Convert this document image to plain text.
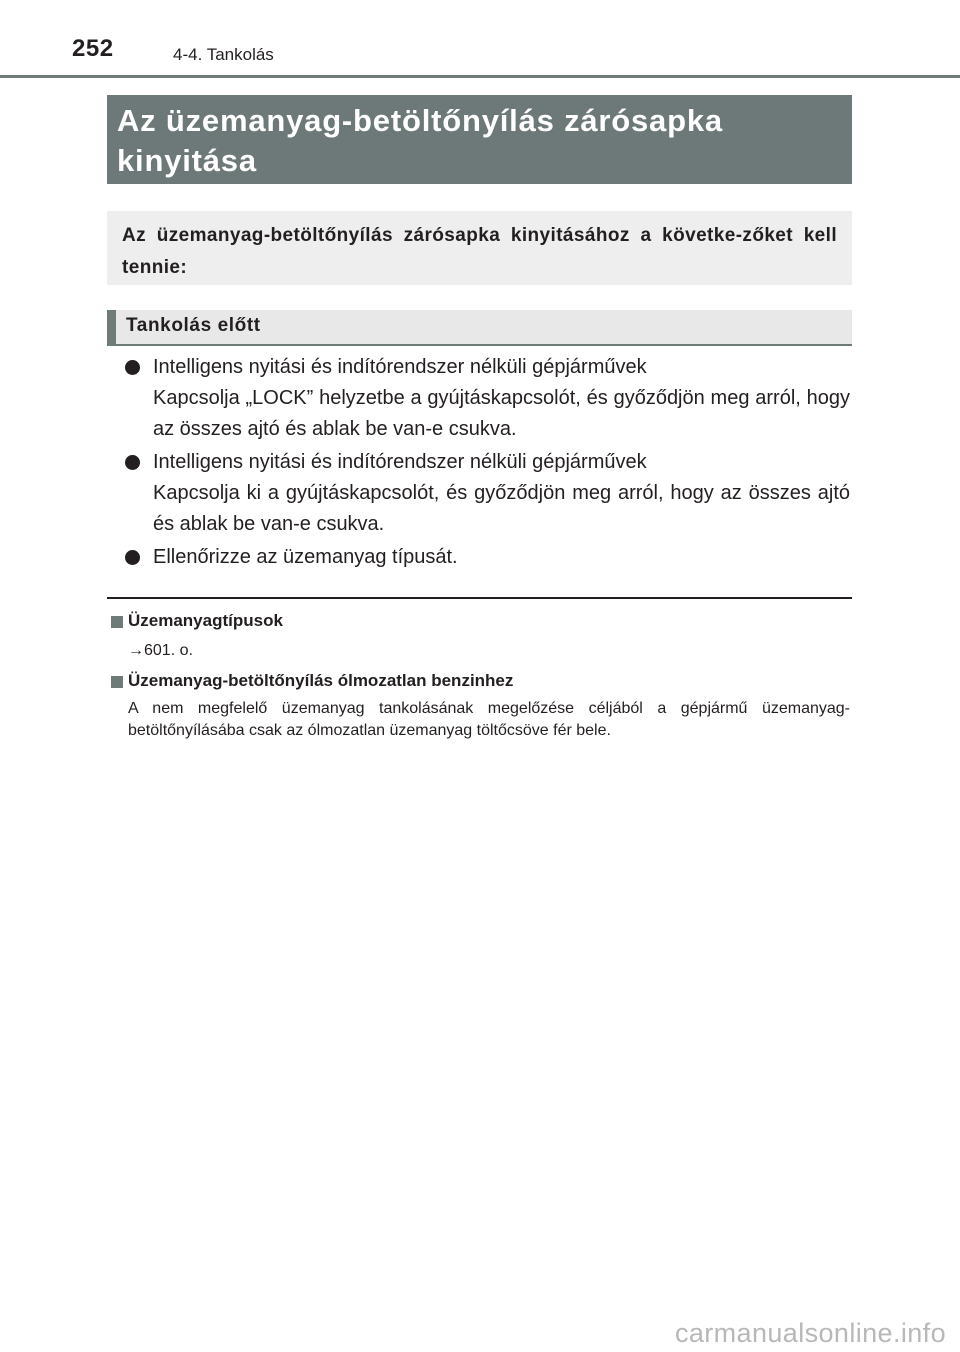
252	4-4. Tankolás
Az üzemanyag-betöltőnyílás zárósapka kinyitása
Az üzemanyag-betöltőnyílás zárósapka kinyitásához a követke-zőket kell tennie:
Tankolás előtt
Intelligens nyitási és indítórendszer nélküli gépjárművek
Kapcsolja „LOCK” helyzetbe a gyújtáskapcsolót, és győződjön meg arról, hogy az összes ajtó és ablak be van-e csukva.
Intelligens nyitási és indítórendszer nélküli gépjárművek
Kapcsolja ki a gyújtáskapcsolót, és győződjön meg arról, hogy az összes ajtó és ablak be van-e csukva.
Ellenőrizze az üzemanyag típusát.
Üzemanyagtípusok
→601. o.
Üzemanyag-betöltőnyílás ólmozatlan benzinhez
A nem megfelelő üzemanyag tankolásának megelőzése céljából a gépjármű üzemanyag-betöltőnyílásába csak az ólmozatlan üzemanyag töltőcsöve fér bele.
carmanualsonline.info
